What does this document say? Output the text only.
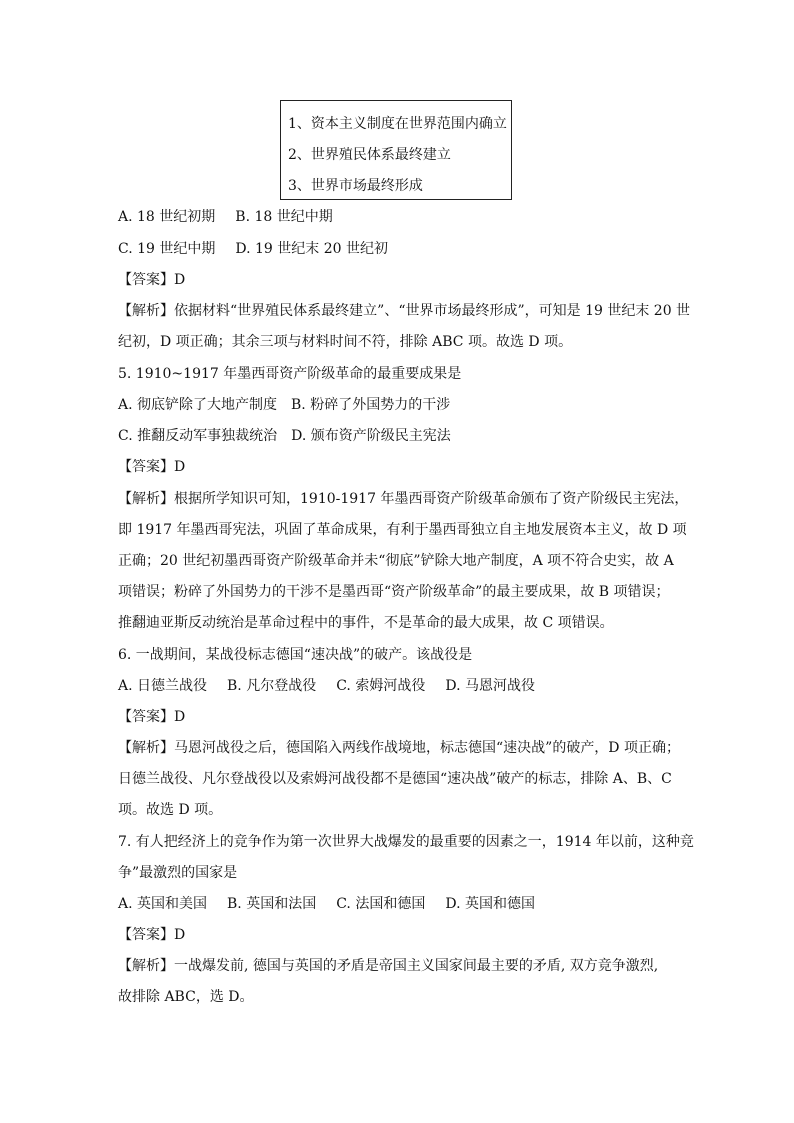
1、资本主义制度在世界范围内确立
2、世界殖民体系最终建立
3、世界市场最终形成
A. 18 世纪初期 B. 18 世纪中期
C. 19 世纪中期 D. 19 世纪末 20 世纪初
【答案】D
【解析】依据材料“世界殖民体系最终建立”、“世界市场最终形成”，可知是 19 世纪末 20 世
纪初，D 项正确；其余三项与材料时间不符，排除 ABC 项。故选 D 项。
5. 1910~1917 年墨西哥资产阶级革命的最重要成果是
A. 彻底铲除了大地产制度 B. 粉碎了外国势力的干涉
C. 推翻反动军事独裁统治 D. 颁布资产阶级民主宪法
【答案】D
【解析】根据所学知识可知，1910-1917 年墨西哥资产阶级革命颁布了资产阶级民主宪法，
即 1917 年墨西哥宪法，巩固了革命成果，有利于墨西哥独立自主地发展资本主义，故 D 项
正确；20 世纪初墨西哥资产阶级革命并未“彻底”铲除大地产制度，A 项不符合史实，故 A
项错误；粉碎了外国势力的干涉不是墨西哥“资产阶级革命”的最主要成果，故 B 项错误；
推翻迪亚斯反动统治是革命过程中的事件，不是革命的最大成果，故 C 项错误。
6. 一战期间，某战役标志德国“速决战”的破产。该战役是
A. 日德兰战役 B. 凡尔登战役 C. 索姆河战役 D. 马恩河战役
【答案】D
【解析】马恩河战役之后，德国陷入两线作战境地，标志德国“速决战”的破产，D 项正确；
日德兰战役、凡尔登战役以及索姆河战役都不是德国“速决战”破产的标志，排除 A、B、C
项。故选 D 项。
7. 有人把经济上的竞争作为第一次世界大战爆发的最重要的因素之一，1914 年以前，这种竞
争”最激烈的国家是
A. 英国和美国 B. 英国和法国 C. 法国和德国 D. 英国和德国
【答案】D
【解析】一战爆发前, 德国与英国的矛盾是帝国主义国家间最主要的矛盾, 双方竞争激烈,
故排除 ABC，选 D。
